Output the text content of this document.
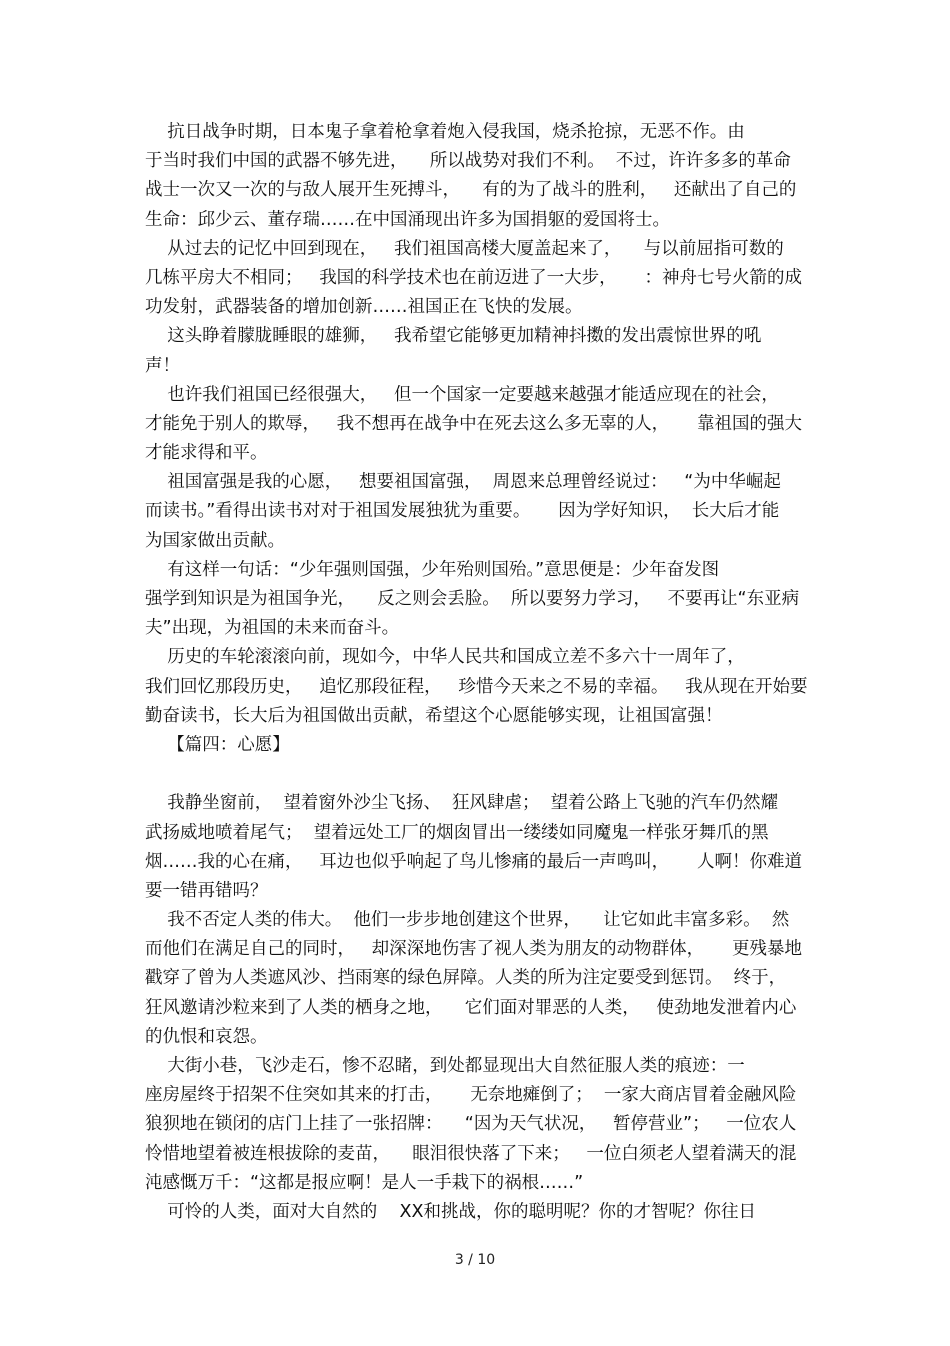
抗日战争时期，日本鬼子拿着枪拿着炮入侵我国，烧杀抢掠，无恶不作。由
于当时我们中国的武器不够先进，    所以战势对我们不利。  不过，许许多多的革命
战士一次又一次的与敌人展开生死搏斗，    有的为了战斗的胜利，   还献出了自己的
生命：邱少云、董存瑞……在中国涌现出许多为国捐躯的爱国将士。
从过去的记忆中回到现在，   我们祖国高楼大厦盖起来了，    与以前屈指可数的
几栋平房大不相同；   我国的科学技术也在前迈进了一大步，     ：神舟七号火箭的成
功发射，武器装备的增加创新……祖国正在飞快的发展。
这头睁着朦胧睡眼的雄狮，   我希望它能够更加精神抖擞的发出震惊世界的吼
声！
也许我们祖国已经很强大，   但一个国家一定要越来越强才能适应现在的社会，
才能免于别人的欺辱，   我不想再在战争中在死去这么多无辜的人，     靠祖国的强大
才能求得和平。
祖国富强是我的心愿，   想要祖国富强，  周恩来总理曾经说过：   “为中华崛起
而读书。”看得出读书对对于祖国发展独犹为重要。     因为学好知识，  长大后才能
为国家做出贡献。
有这样一句话：“少年强则国强，少年殆则国殆。”意思便是：少年奋发图
强学到知识是为祖国争光，    反之则会丢脸。  所以要努力学习，   不要再让“东亚病
夫”出现，为祖国的未来而奋斗。
历史的车轮滚滚向前，现如今，中华人民共和国成立差不多六十一周年了，
我们回忆那段历史，   追忆那段征程，   珍惜今天来之不易的幸福。   我从现在开始要
勤奋读书，长大后为祖国做出贡献，希望这个心愿能够实现，让祖国富强！
【篇四：心愿】
我静坐窗前，  望着窗外沙尘飞扬、  狂风肆虐；  望着公路上飞驰的汽车仍然耀
武扬威地喷着尾气；  望着远处工厂的烟囱冒出一缕缕如同魔鬼一样张牙舞爪的黑
烟……我的心在痛，   耳边也似乎响起了鸟儿惨痛的最后一声鸣叫，     人啊！你难道
要一错再错吗？
我不否定人类的伟大。  他们一步步地创建这个世界，    让它如此丰富多彩。  然
而他们在满足自己的同时，   却深深地伤害了视人类为朋友的动物群体，     更残暴地
戳穿了曾为人类遮风沙、挡雨寒的绿色屏障。人类的所为注定要受到惩罚。  终于，
狂风邀请沙粒来到了人类的栖身之地，    它们面对罪恶的人类，   使劲地发泄着内心
的仇恨和哀怨。
大街小巷，飞沙走石，惨不忍睹，到处都显现出大自然征服人类的痕迹：一
座房屋终于招架不住突如其来的打击，     无奈地瘫倒了；  一家大商店冒着金融风险
狼狈地在锁闭的店门上挂了一张招牌：    “因为天气状况，   暂停营业”；   一位农人
怜惜地望着被连根拔除的麦苗，    眼泪很快落了下来；   一位白须老人望着满天的混
沌感慨万千：“这都是报应啊！是人一手栽下的祸根……”
可怜的人类，面对大自然的    XX和挑战，你的聪明呢？你的才智呢？你往日
3 / 10
